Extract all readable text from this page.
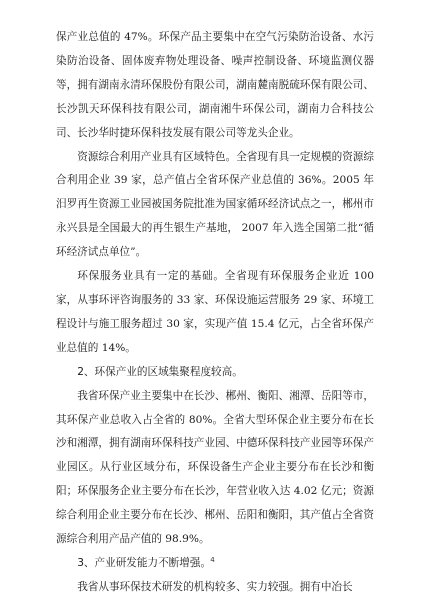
保产业总值的 47%。环保产品主要集中在空气污染防治设备、水污染防治设备、固体废弃物处理设备、噪声控制设备、环境监测仪器等，拥有湖南永清环保股份有限公司，湖南麓南脱硫环保有限公司、长沙凯天环保科技有限公司，湖南湘牛环保公司，湖南力合科技公司、长沙华时捷环保科技发展有限公司等龙头企业。

资源综合利用产业具有区域特色。全省现有具一定规模的资源综合利用企业 39 家，总产值占全省环保产业总值的 36%。2005 年汨罗再生资源工业园被国务院批准为国家循环经济试点之一，郴州市永兴县是全国最大的再生银生产基地， 2007 年入选全国第二批“循环经济试点单位”。

环保服务业具有一定的基础。全省现有环保服务企业近 100 家，从事环评咨询服务的 33 家、环保设施运营服务 29 家、环境工程设计与施工服务超过 30 家，实现产值 15.4 亿元，占全省环保产业总值的 14%。

2、环保产业的区域集聚程度较高。

我省环保产业主要集中在长沙、郴州、衡阳、湘潭、岳阳等市，其环保产业总收入占全省的 80%。全省大型环保企业主要分布在长沙和湘潭，拥有湖南环保科技产业园、中德环保科技产业园等环保产业园区。从行业区域分布，环保设备生产企业主要分布在长沙和衡阳；环保服务企业主要分布在长沙，年营业收入达 4.02 亿元；资源综合利用企业主要分布在长沙、郴州、岳阳和衡阳，其产值占全省资源综合利用产品产值的 98.9%。

3、产业研发能力不断增强。

我省从事环保技术研发的机构较多、实力较强。拥有中冶长

4
